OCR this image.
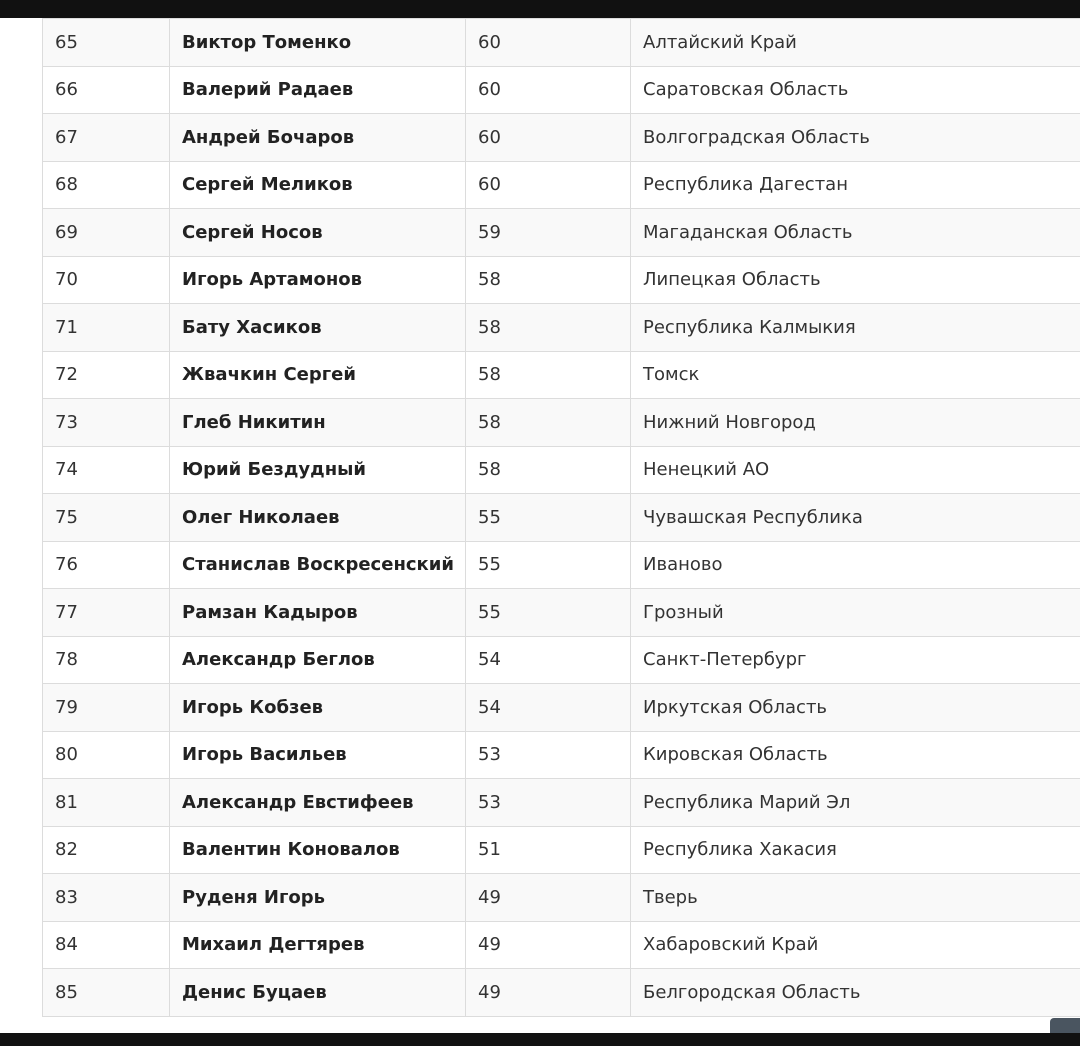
65	Виктор Томенко	60	Алтайский Край
66	Валерий Радаев	60	Саратовская Область
67	Андрей Бочаров	60	Волгоградская Область
68	Сергей Меликов	60	Республика Дагестан
69	Сергей Носов	59	Магаданская Область
70	Игорь Артамонов	58	Липецкая Область
71	Бату Хасиков	58	Республика Калмыкия
72	Жвачкин Сергей	58	Томск
73	Глеб Никитин	58	Нижний Новгород
74	Юрий Бездудный	58	Ненецкий АО
75	Олег Николаев	55	Чувашская Республика
76	Станислав Воскресенский	55	Иваново
77	Рамзан Кадыров	55	Грозный
78	Александр Беглов	54	Санкт-Петербург
79	Игорь Кобзев	54	Иркутская Область
80	Игорь Васильев	53	Кировская Область
81	Александр Евстифеев	53	Республика Марий Эл
82	Валентин Коновалов	51	Республика Хакасия
83	Руденя Игорь	49	Тверь
84	Михаил Дегтярев	49	Хабаровский Край
85	Денис Буцаев	49	Белгородская Область
